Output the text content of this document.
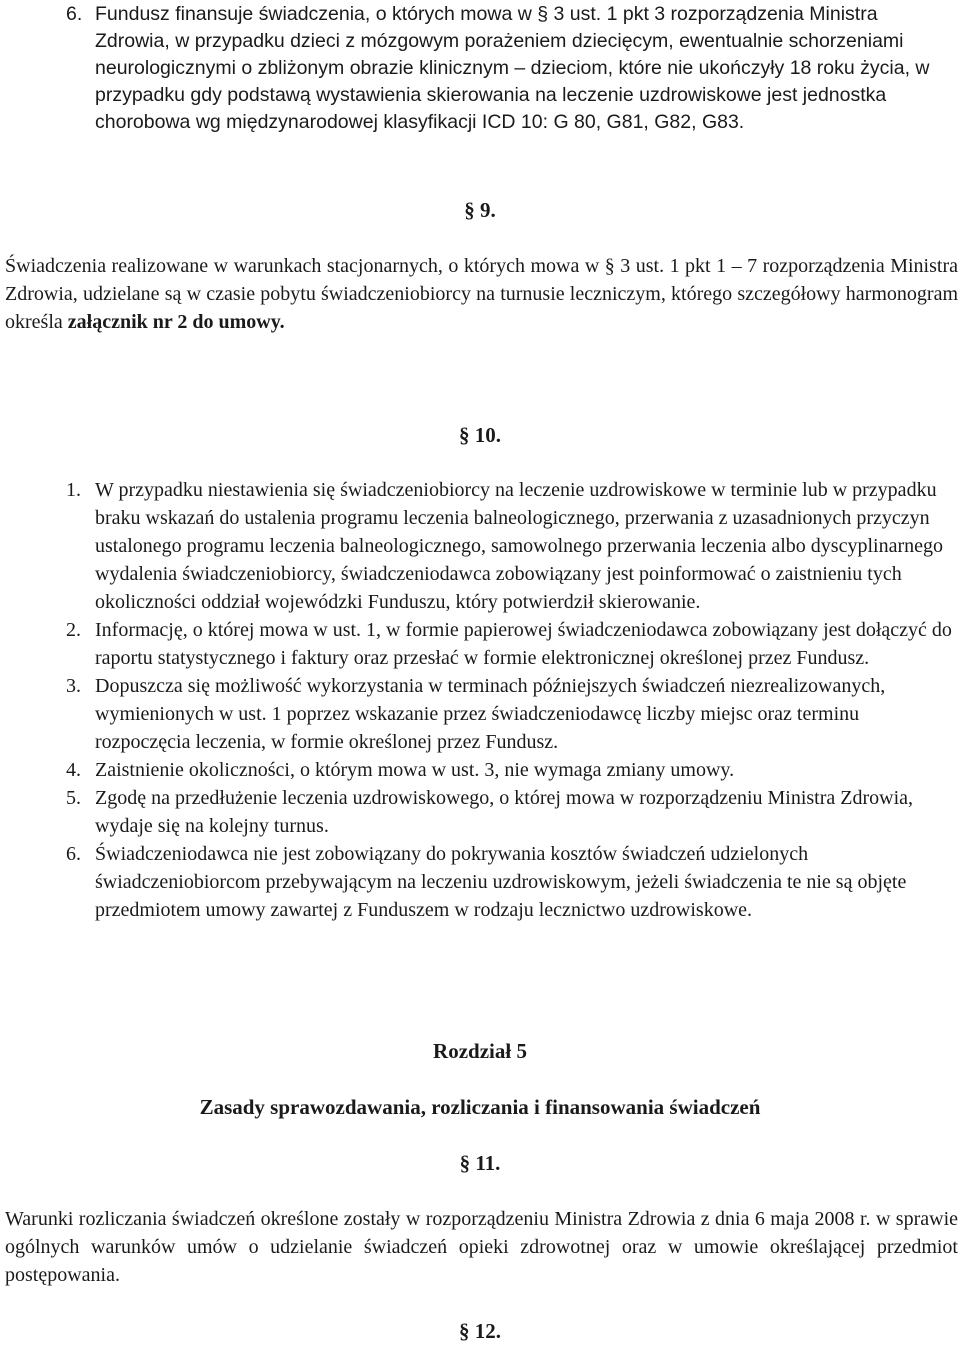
6. Fundusz finansuje świadczenia, o których mowa w § 3 ust. 1 pkt 3 rozporządzenia Ministra Zdrowia, w przypadku dzieci z mózgowym porażeniem dziecięcym, ewentualnie schorzeniami neurologicznymi o zbliżonym obrazie klinicznym – dzieciom, które nie ukończyły 18 roku życia, w przypadku gdy podstawą wystawienia skierowania na leczenie uzdrowiskowe jest jednostka chorobowa wg międzynarodowej klasyfikacji ICD 10: G 80, G81, G82, G83.
§ 9.
Świadczenia realizowane w warunkach stacjonarnych, o których mowa w § 3 ust. 1 pkt 1 – 7 rozporządzenia Ministra Zdrowia, udzielane są w czasie pobytu świadczeniobiorcy na turnusie leczniczym, którego szczegółowy harmonogram określa załącznik nr 2 do umowy.
§ 10.
1. W przypadku niestawienia się świadczeniobiorcy na leczenie uzdrowiskowe w terminie lub w przypadku braku wskazań do ustalenia programu leczenia balneologicznego, przerwania z uzasadnionych przyczyn ustalonego programu leczenia balneologicznego, samowolnego przerwania leczenia albo dyscyplinarnego wydalenia świadczeniobiorcy, świadczeniodawca zobowiązany jest poinformować o zaistnieniu tych okoliczności oddział wojewódzki Funduszu, który potwierdził skierowanie.
2. Informację, o której mowa w ust. 1, w formie papierowej świadczeniodawca zobowiązany jest dołączyć do raportu statystycznego i faktury oraz przesłać w formie elektronicznej określonej przez Fundusz.
3. Dopuszcza się możliwość wykorzystania w terminach późniejszych świadczeń niezrealizowanych, wymienionych w ust. 1 poprzez wskazanie przez świadczeniodawcę liczby miejsc oraz terminu rozpoczęcia leczenia, w formie określonej przez Fundusz.
4. Zaistnienie okoliczności, o którym mowa w ust. 3, nie wymaga zmiany umowy.
5. Zgodę na przedłużenie leczenia uzdrowiskowego, o której mowa w rozporządzeniu Ministra Zdrowia, wydaje się na kolejny turnus.
6. Świadczeniodawca nie jest zobowiązany do pokrywania kosztów świadczeń udzielonych świadczeniobiorcom przebywającym na leczeniu uzdrowiskowym, jeżeli świadczenia te nie są objęte przedmiotem umowy zawartej z Funduszem w rodzaju lecznictwo uzdrowiskowe.
Rozdział 5
Zasady sprawozdawania, rozliczania i finansowania świadczeń
§ 11.
Warunki rozliczania świadczeń określone zostały w rozporządzeniu Ministra Zdrowia z dnia 6 maja 2008 r. w sprawie ogólnych warunków umów o udzielanie świadczeń opieki zdrowotnej oraz w umowie określającej przedmiot postępowania.
§ 12.
